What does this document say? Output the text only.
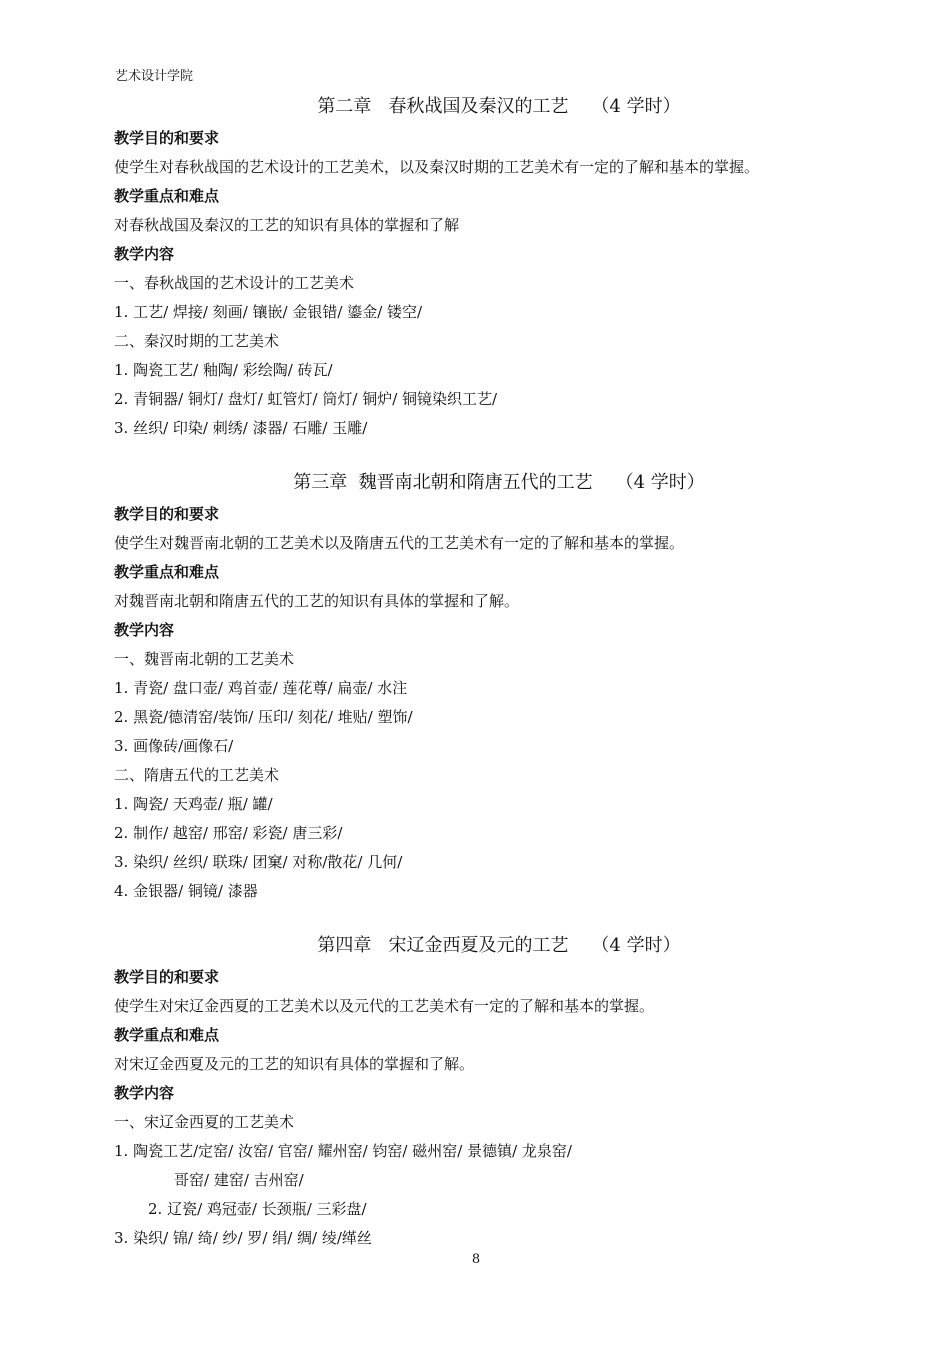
艺术设计学院
第二章   春秋战国及秦汉的工艺    （4 学时）
教学目的和要求
使学生对春秋战国的艺术设计的工艺美术，以及秦汉时期的工艺美术有一定的了解和基本的掌握。
教学重点和难点
对春秋战国及秦汉的工艺的知识有具体的掌握和了解
教学内容
一、春秋战国的艺术设计的工艺美术
1. 工艺/ 焊接/ 刻画/ 镶嵌/ 金银错/ 鎏金/ 镂空/
二、秦汉时期的工艺美术
1. 陶瓷工艺/ 釉陶/ 彩绘陶/ 砖瓦/
2. 青铜器/ 铜灯/ 盘灯/ 虹管灯/ 筒灯/ 铜炉/ 铜镜染织工艺/
3. 丝织/ 印染/ 刺绣/ 漆器/ 石雕/ 玉雕/
第三章  魏晋南北朝和隋唐五代的工艺    （4 学时）
教学目的和要求
使学生对魏晋南北朝的工艺美术以及隋唐五代的工艺美术有一定的了解和基本的掌握。
教学重点和难点
对魏晋南北朝和隋唐五代的工艺的知识有具体的掌握和了解。
教学内容
一、魏晋南北朝的工艺美术
1. 青瓷/ 盘口壶/ 鸡首壶/ 莲花尊/ 扁壶/ 水注
2. 黑瓷/德清窑/装饰/ 压印/ 刻花/ 堆贴/ 塑饰/
3. 画像砖/画像石/
二、隋唐五代的工艺美术
1. 陶瓷/ 天鸡壶/ 瓶/ 罐/
2. 制作/ 越窑/ 邢窑/ 彩瓷/ 唐三彩/
3. 染织/ 丝织/ 联珠/ 团窠/ 对称/散花/ 几何/
4. 金银器/ 铜镜/ 漆器
第四章   宋辽金西夏及元的工艺    （4 学时）
教学目的和要求
使学生对宋辽金西夏的工艺美术以及元代的工艺美术有一定的了解和基本的掌握。
教学重点和难点
对宋辽金西夏及元的工艺的知识有具体的掌握和了解。
教学内容
一、宋辽金西夏的工艺美术
1. 陶瓷工艺/定窑/ 汝窑/ 官窑/ 耀州窑/ 钧窑/ 磁州窑/ 景德镇/ 龙泉窑/
哥窑/ 建窑/ 吉州窑/
2. 辽瓷/ 鸡冠壶/ 长颈瓶/ 三彩盘/
3. 染织/ 锦/ 绮/ 纱/ 罗/ 绢/ 绸/ 绫/缂丝
8
